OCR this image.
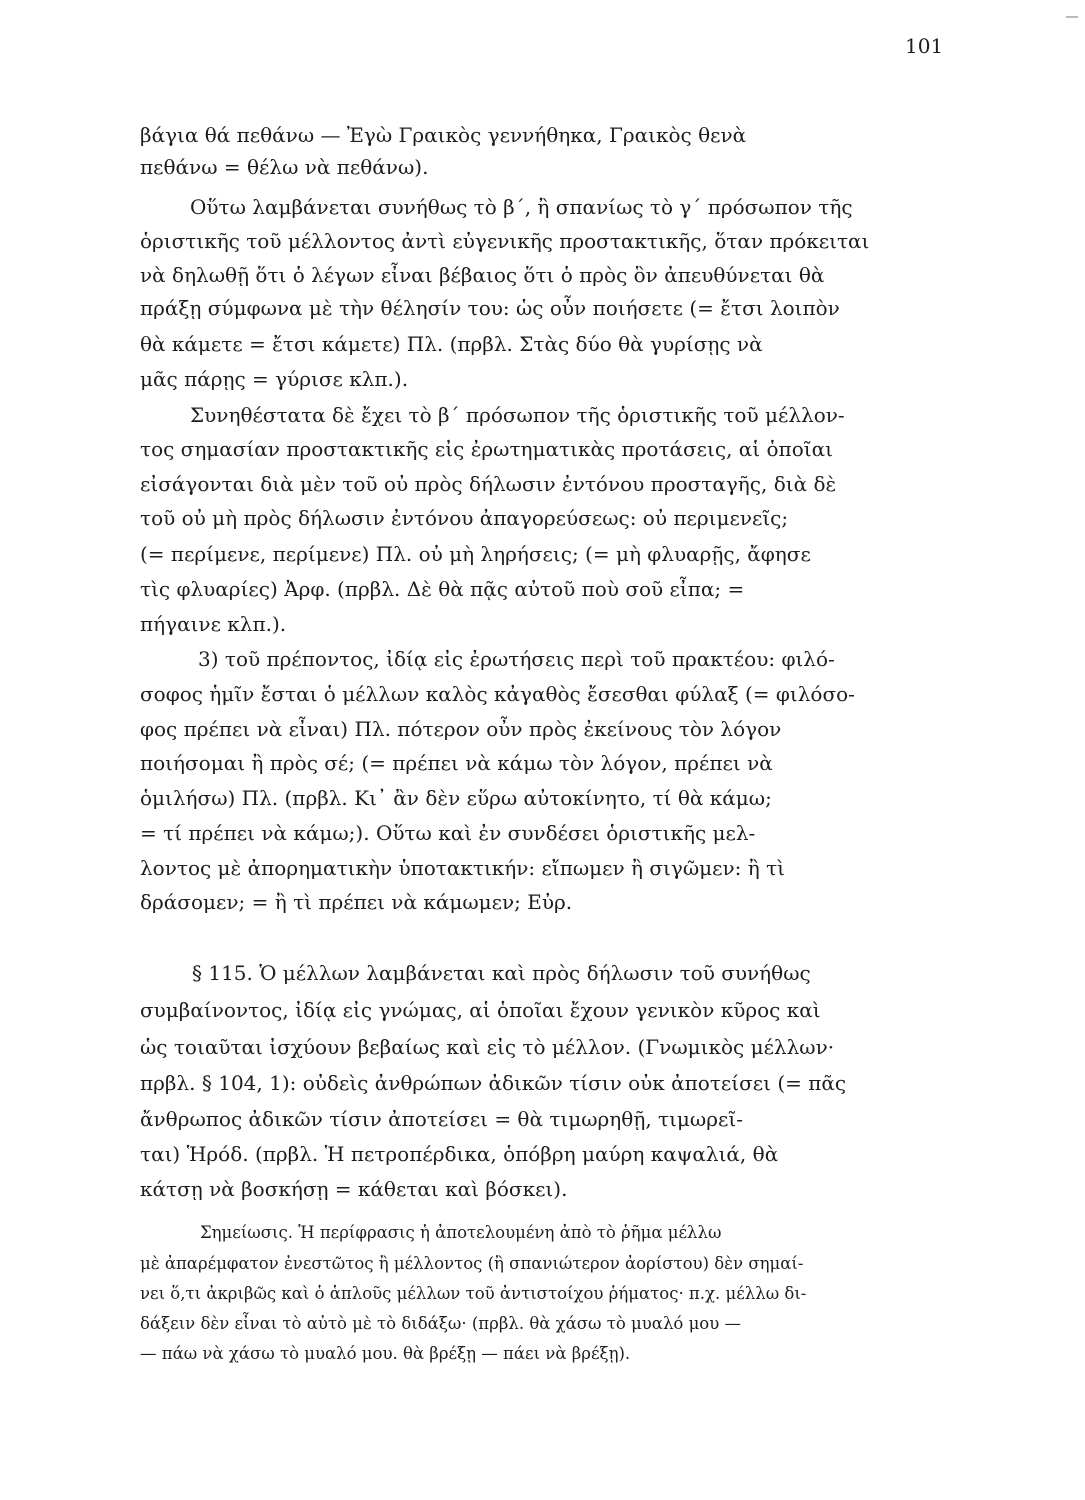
101
βάγια θά πεθάνω — Ἐγὼ Γραικὸς γεννήθηκα, Γραικὸς θενὰ
πεθάνω = θέλω νὰ πεθάνω).
Οὕτω λαμβάνεται συνήθως τὸ β΄, ἢ σπανίως τὸ γ΄ πρόσωπον τῆς
ὁριστικῆς τοῦ μέλλοντος ἀντὶ εὐγενικῆς προστακτικῆς, ὅταν πρόκειται
νὰ δηλωθῇ ὅτι ὁ λέγων εἶναι βέβαιος ὅτι ὁ πρὸς ὃν ἀπευθύνεται θὰ
πράξῃ σύμφωνα μὲ τὴν θέλησίν του: ὡς οὖν ποιήσετε (= ἔτσι λοιπὸν
θὰ κάμετε = ἔτσι κάμετε) Πλ. (πρβλ. Στὰς δύο θὰ γυρίσῃς νὰ
μᾶς πάρῃς = γύρισε κλπ.).
Συνηθέστατα δὲ ἔχει τὸ β΄ πρόσωπον τῆς ὁριστικῆς τοῦ μέλλον-
τος σημασίαν προστακτικῆς εἰς ἐρωτηματικὰς προτάσεις, αἱ ὁποῖαι
εἰσάγονται διὰ μὲν τοῦ οὐ πρὸς δήλωσιν ἐντόνου προσταγῆς, διὰ δὲ
τοῦ οὐ μὴ πρὸς δήλωσιν ἐντόνου ἀπαγορεύσεως: οὐ περιμενεῖς;
(= περίμενε, περίμενε) Πλ. οὐ μὴ ληρήσεις; (= μὴ φλυαρῇς, ἄφησε
τὶς φλυαρίες) Ἀρφ. (πρβλ. Δὲ θὰ πᾷς αὐτοῦ ποὺ σοῦ εἶπα; =
πήγαινε κλπ.).
3) τοῦ πρέποντος, ἰδίᾳ εἰς ἐρωτήσεις περὶ τοῦ πρακτέου: φιλό-
σοφος ἡμῖν ἔσται ὁ μέλλων καλὸς κἀγαθὸς ἔσεσθαι φύλαξ (= φιλόσο-
φος πρέπει νὰ εἶναι) Πλ. πότερον οὖν πρὸς ἐκείνους τὸν λόγον
ποιήσομαι ἢ πρὸς σέ; (= πρέπει νὰ κάμω τὸν λόγον, πρέπει νὰ
ὁμιλήσω) Πλ. (πρβλ. Κι᾽ ἂν δὲν εὕρω αὐτοκίνητο, τί θὰ κάμω;
= τί πρέπει νὰ κάμω;). Οὕτω καὶ ἐν συνδέσει ὁριστικῆς μελ-
λοντος μὲ ἀπορηματικὴν ὑποτακτικήν: εἴπωμεν ἢ σιγῶμεν: ἢ τὶ
δράσομεν; = ἢ τὶ πρέπει νὰ κάμωμεν; Εὐρ.
§ 115. Ὁ μέλλων λαμβάνεται καὶ πρὸς δήλωσιν τοῦ συνήθως
συμβαίνοντος, ἰδίᾳ εἰς γνώμας, αἱ ὁποῖαι ἔχουν γενικὸν κῦρος καὶ
ὡς τοιαῦται ἰσχύουν βεβαίως καὶ εἰς τὸ μέλλον. (Γνωμικὸς μέλλων·
πρβλ. § 104, 1): οὐδεὶς ἀνθρώπων ἀδικῶν τίσιν οὐκ ἀποτείσει (= πᾶς
ἄνθρωπος ἀδικῶν τίσιν ἀποτείσει = θὰ τιμωρηθῇ, τιμωρεῖ-
ται) Ἡρόδ. (πρβλ. Ἡ πετροπέρδικα, ὁπόβρη μαύρη καψαλιά, θὰ
κάτσῃ νὰ βοσκήσῃ = κάθεται καὶ βόσκει).
Σημείωσις. Ἡ περίφρασις ἡ ἀποτελουμένη ἀπὸ τὸ ῥῆμα μέλλω
μὲ ἀπαρέμφατον ἐνεστῶτος ἢ μέλλοντος (ἢ σπανιώτερον ἀορίστου) δὲν σημαί-
νει ὅ,τι ἀκριβῶς καὶ ὁ ἁπλοῦς μέλλων τοῦ ἀντιστοίχου ῥήματος· π.χ. μέλλω δι-
δάξειν δὲν εἶναι τὸ αὐτὸ μὲ τὸ διδάξω· (πρβλ. θὰ χάσω τὸ μυαλό μου —
— πάω νὰ χάσω τὸ μυαλό μου. θὰ βρέξῃ — πάει νὰ βρέξῃ).
